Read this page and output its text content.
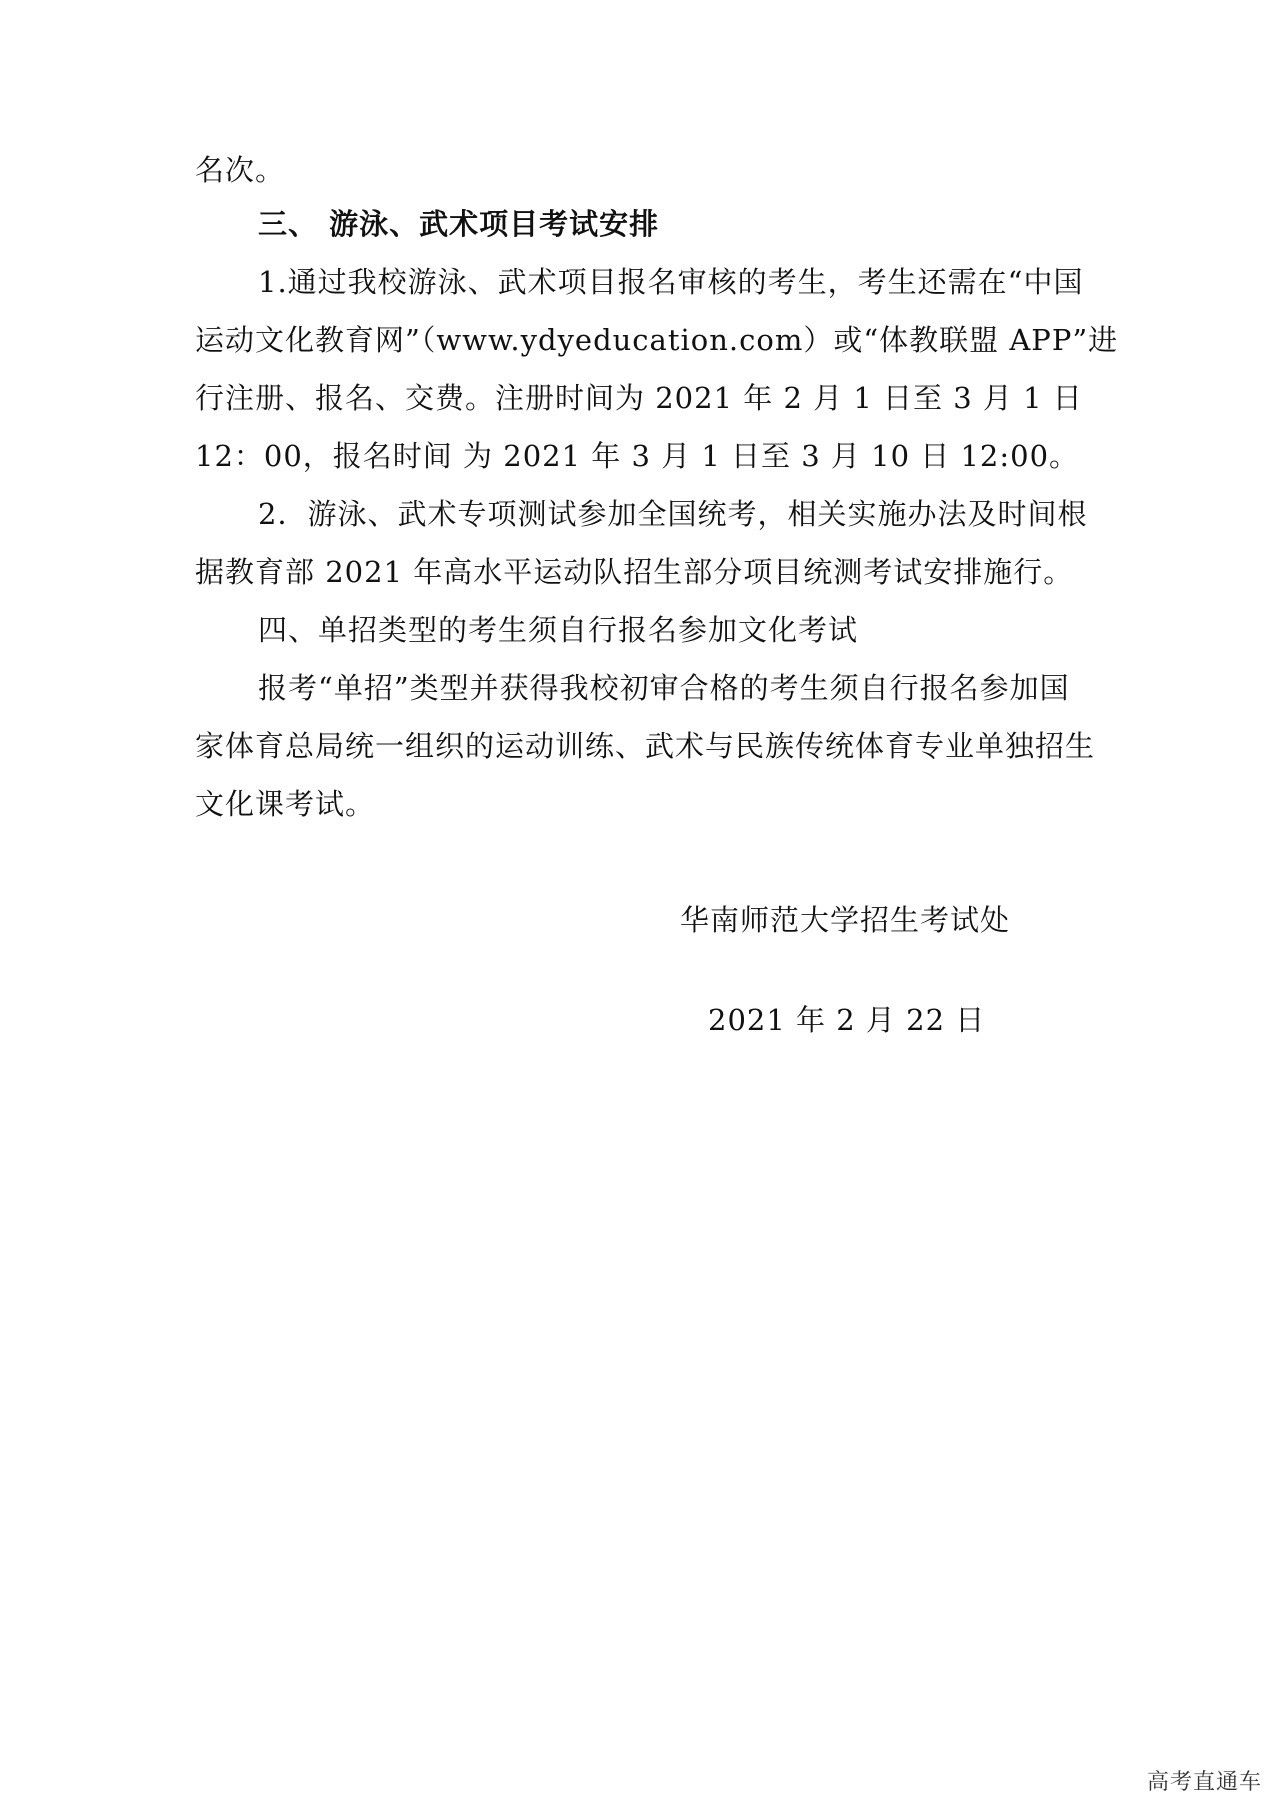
名次。
三、 游泳、武术项目考试安排
1.通过我校游泳、武术项目报名审核的考生，考生还需在“中国
运动文化教育网”（www.ydyeducation.com）或“体教联盟 APP”进
行注册、报名、交费。注册时间为 2021 年 2 月 1 日至 3 月 1 日
12：00，报名时间 为 2021 年 3 月 1 日至 3 月 10 日 12:00。
2．游泳、武术专项测试参加全国统考，相关实施办法及时间根
据教育部 2021 年高水平运动队招生部分项目统测考试安排施行。
四、单招类型的考生须自行报名参加文化考试
报考“单招”类型并获得我校初审合格的考生须自行报名参加国
家体育总局统一组织的运动训练、武术与民族传统体育专业单独招生
文化课考试。
华南师范大学招生考试处
2021 年 2 月 22 日
高考直通车
